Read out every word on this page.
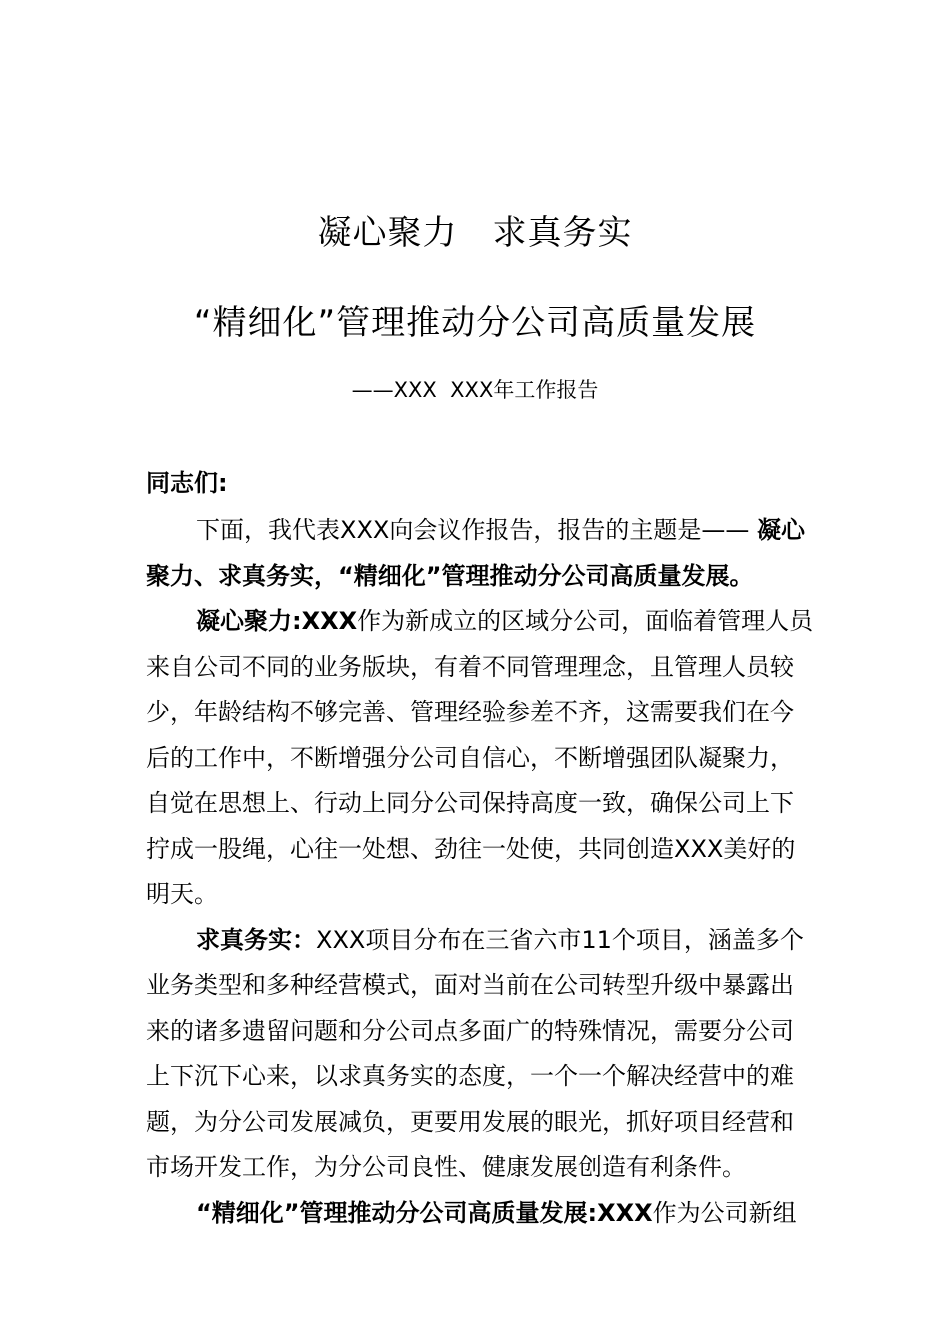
凝心聚力　求真务实
“精细化”管理推动分公司高质量发展
——XXX  XXX年工作报告
同志们:
下面，我代表XXX向会议作报告，报告的主题是—— 凝心
聚力、求真务实，“精细化”管理推动分公司高质量发展。
凝心聚力:XXX作为新成立的区域分公司，面临着管理人员
来自公司不同的业务版块，有着不同管理理念，且管理人员较
少，年龄结构不够完善、管理经验参差不齐，这需要我们在今
后的工作中，不断增强分公司自信心，不断增强团队凝聚力，
自觉在思想上、行动上同分公司保持高度一致，确保公司上下
拧成一股绳，心往一处想、劲往一处使，共同创造XXX美好的
明天。
求真务实：XXX项目分布在三省六市11个项目，涵盖多个
业务类型和多种经营模式，面对当前在公司转型升级中暴露出
来的诸多遗留问题和分公司点多面广的特殊情况，需要分公司
上下沉下心来，以求真务实的态度，一个一个解决经营中的难
题，为分公司发展减负，更要用发展的眼光，抓好项目经营和
市场开发工作，为分公司良性、健康发展创造有利条件。
“精细化”管理推动分公司高质量发展:XXX作为公司新组
